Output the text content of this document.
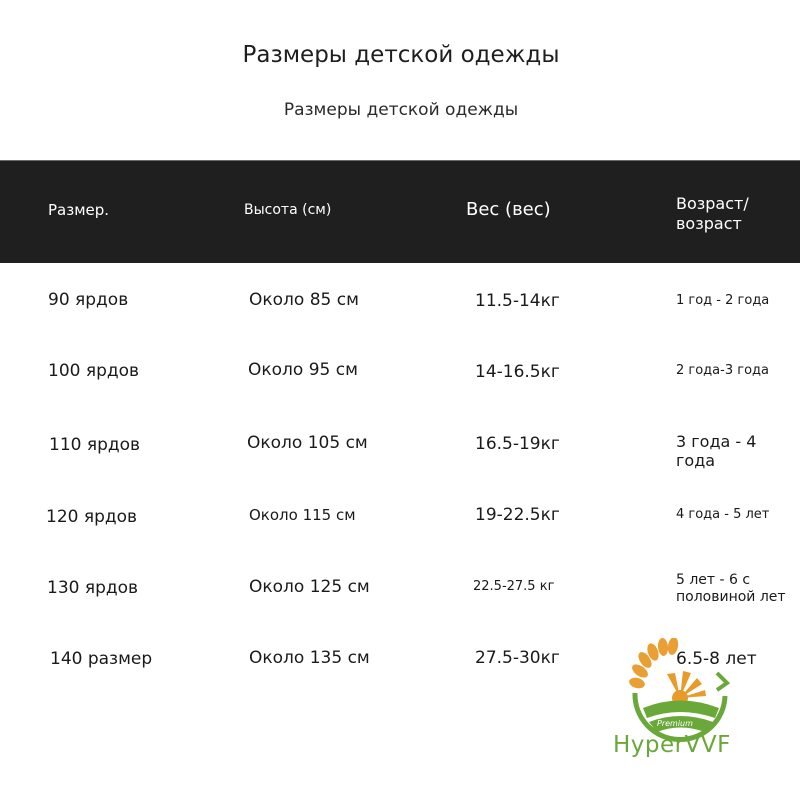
Размеры детской одежды
Размеры детской одежды
Размер.	Высота (см)	Вес (вес)	Возраст/ возраст
90 ярдов	Около 85 см	11.5-14кг	1 год - 2 года
100 ярдов	Около 95 см	14-16.5кг	2 года-3 года
110 ярдов	Около 105 см	16.5-19кг	3 года - 4 года
120 ярдов	Около 115 см	19-22.5кг	4 года - 5 лет
130 ярдов	Около 125 см	22.5-27.5 кг	5 лет - 6 с половиной лет
140 размер	Около 135 см	27.5-30кг	6.5-8 лет
Premium
HyperVVF
